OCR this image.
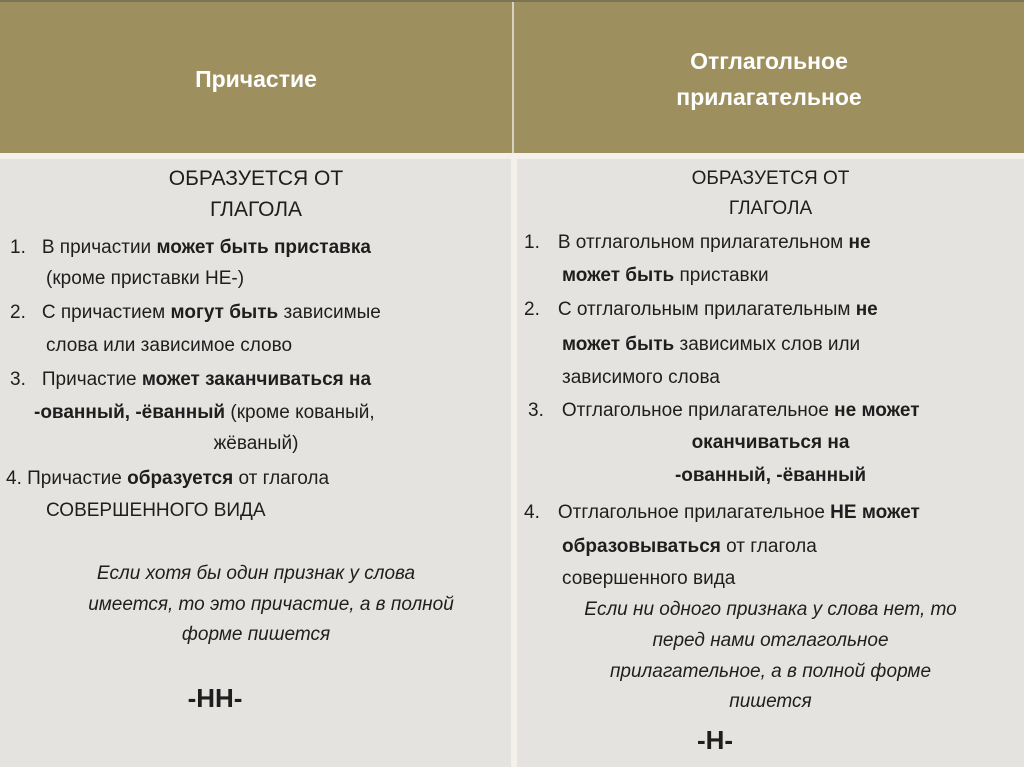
Причастие
Отглагольное
прилагательное
ОБРАЗУЕТСЯ ОТ
ГЛАГОЛА
1. В причастии может быть приставка
(кроме приставки НЕ-)
2. С причастием могут быть зависимые
слова или зависимое слово
3. Причастие может заканчиваться на
-ованный, -ёванный (кроме кованый,
жёваный)
4. Причастие образуется от глагола
СОВЕРШЕННОГО ВИДА
Если хотя бы один признак у слова
имеется, то это причастие, а в полной
форме пишется
-НН-
ОБРАЗУЕТСЯ ОТ
ГЛАГОЛА
1. В отглагольном прилагательном не
может быть приставки
2. С отглагольным прилагательным не
может быть зависимых слов или
зависимого слова
3. Отглагольное прилагательное не может
оканчиваться на
-ованный, -ёванный
4. Отглагольное прилагательное НЕ может
образовываться от глагола
совершенного вида
Если ни одного признака у слова нет, то
перед нами отглагольное
прилагательное, а в полной форме
пишется
-Н-
